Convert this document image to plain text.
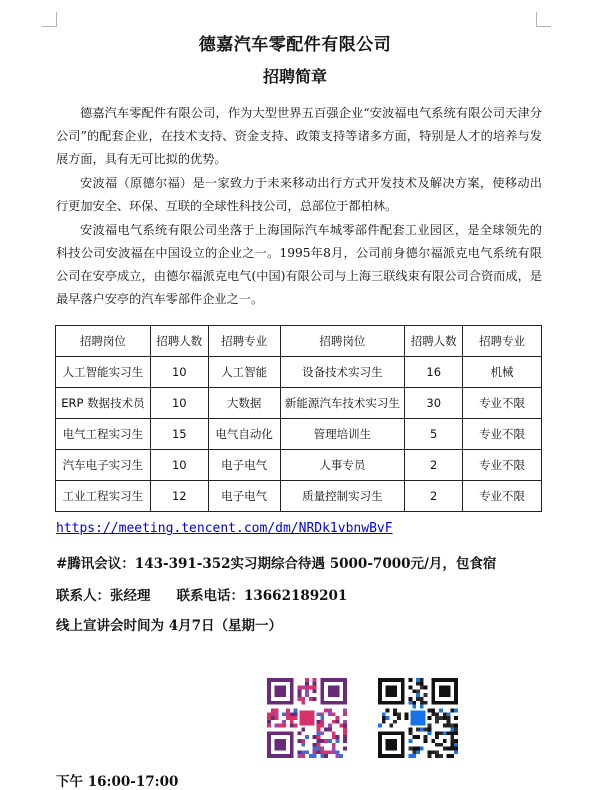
德嘉汽车零配件有限公司
招聘简章

德嘉汽车零配件有限公司，作为大型世界五百强企业“安波福电气系统有限公司天津分公司”的配套企业，在技术支持、资金支持、政策支持等诸多方面，特别是人才的培养与发展方面，具有无可比拟的优势。

安波福（原德尔福）是一家致力于未来移动出行方式开发技术及解决方案，使移动出行更加安全、环保、互联的全球性科技公司，总部位于都柏林。

安波福电气系统有限公司坐落于上海国际汽车城零部件配套工业园区，是全球领先的科技公司安波福在中国设立的企业之一。1995年8月，公司前身德尔福派克电气系统有限公司在安亭成立，由德尔福派克电气(中国)有限公司与上海三联线束有限公司合资而成，是最早落户安亭的汽车零部件企业之一。

招聘岗位	招聘人数	招聘专业	招聘岗位	招聘人数	招聘专业
人工智能实习生	10	人工智能	设备技术实习生	16	机械
ERP 数据技术员	10	大数据	新能源汽车技术实习生	30	专业不限
电气工程实习生	15	电气自动化	管理培训生	5	专业不限
汽车电子实习生	10	电子电气	人事专员	2	专业不限
工业工程实习生	12	电子电气	质量控制实习生	2	专业不限
https://meeting.tencent.com/dm/NRDk1vbnwBvF
#腾讯会议：143-391-352实习期综合待遇 5000-7000元/月，包食宿
联系人：张经理 联系电话：13662189201
线上宣讲会时间为 4月7日（星期一）
下午 16:00-17:00
